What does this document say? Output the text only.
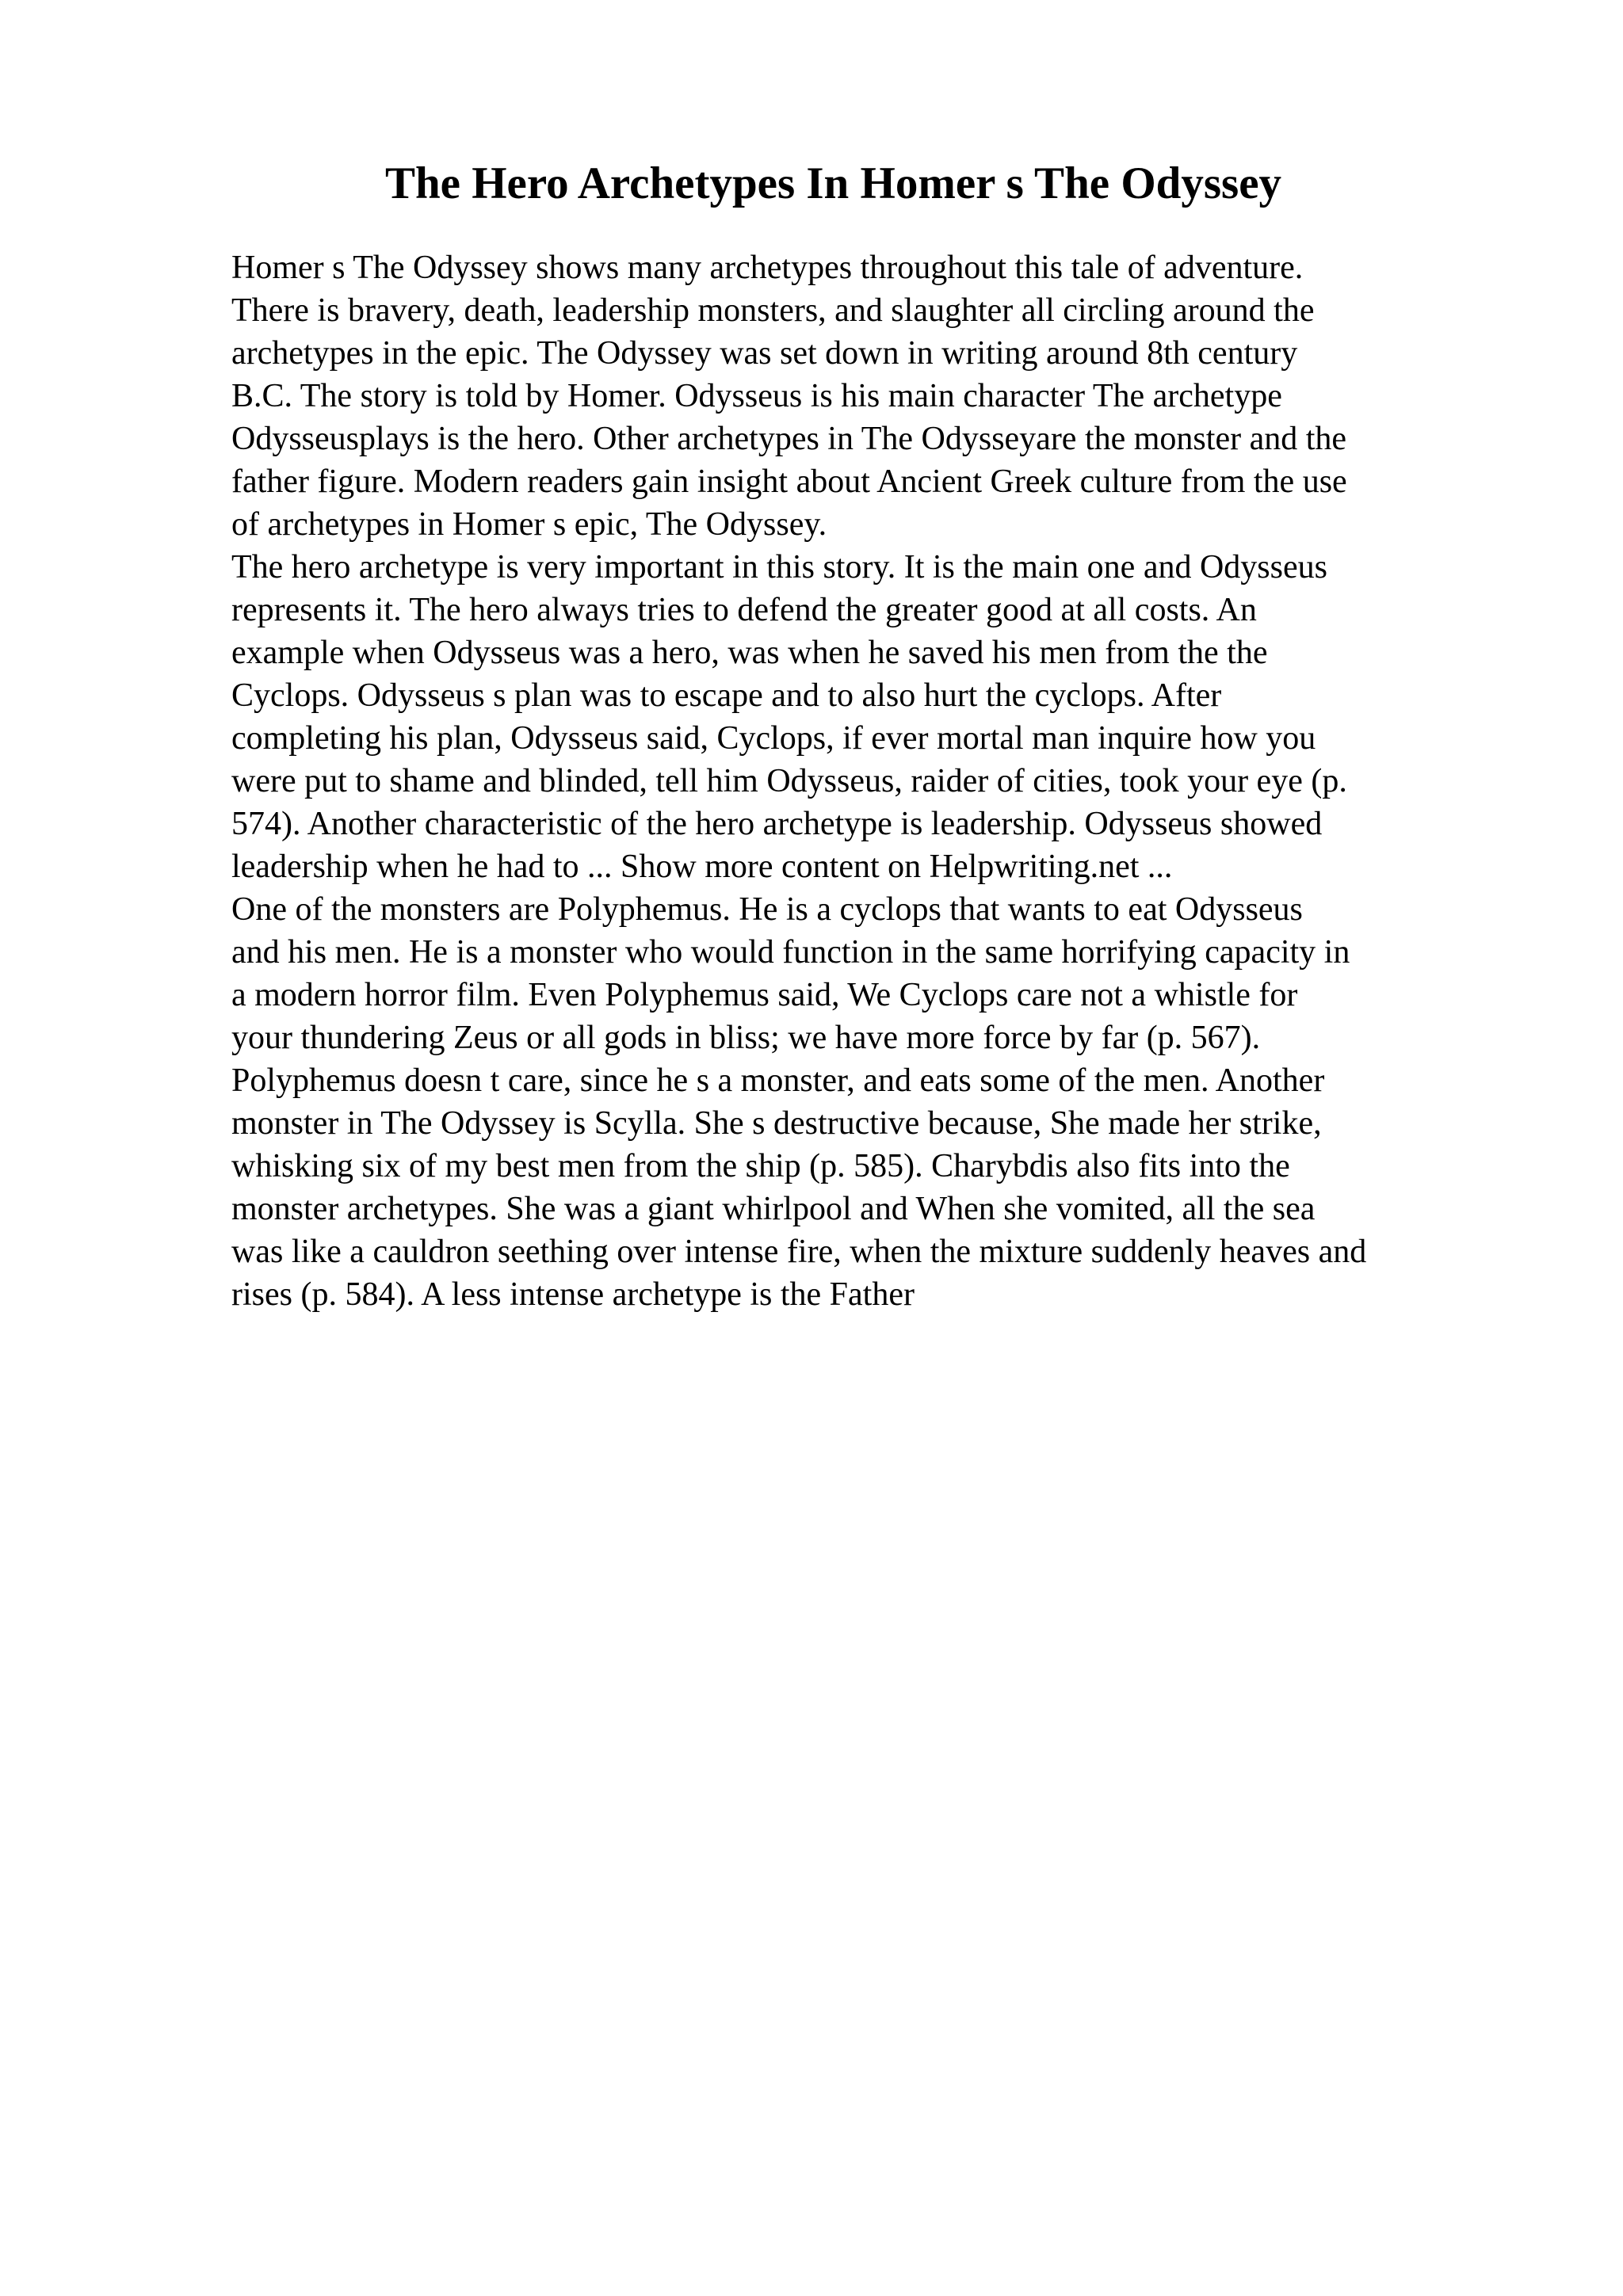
The Hero Archetypes In Homer s The Odyssey
Homer s The Odyssey shows many archetypes throughout this tale of adventure.
There is bravery, death, leadership monsters, and slaughter all circling around the
archetypes in the epic. The Odyssey was set down in writing around 8th century
B.C. The story is told by Homer. Odysseus is his main character The archetype
Odysseusplays is the hero. Other archetypes in The Odysseyare the monster and the
father figure. Modern readers gain insight about Ancient Greek culture from the use
of archetypes in Homer s epic, The Odyssey.
The hero archetype is very important in this story. It is the main one and Odysseus
represents it. The hero always tries to defend the greater good at all costs. An
example when Odysseus was a hero, was when he saved his men from the the
Cyclops. Odysseus s plan was to escape and to also hurt the cyclops. After
completing his plan, Odysseus said, Cyclops, if ever mortal man inquire how you
were put to shame and blinded, tell him Odysseus, raider of cities, took your eye (p.
574). Another characteristic of the hero archetype is leadership. Odysseus showed
leadership when he had to ... Show more content on Helpwriting.net ...
One of the monsters are Polyphemus. He is a cyclops that wants to eat Odysseus
and his men. He is a monster who would function in the same horrifying capacity in
a modern horror film. Even Polyphemus said, We Cyclops care not a whistle for
your thundering Zeus or all gods in bliss; we have more force by far (p. 567).
Polyphemus doesn t care, since he s a monster, and eats some of the men. Another
monster in The Odyssey is Scylla. She s destructive because, She made her strike,
whisking six of my best men from the ship (p. 585). Charybdis also fits into the
monster archetypes. She was a giant whirlpool and When she vomited, all the sea
was like a cauldron seething over intense fire, when the mixture suddenly heaves and
rises (p. 584). A less intense archetype is the Father
